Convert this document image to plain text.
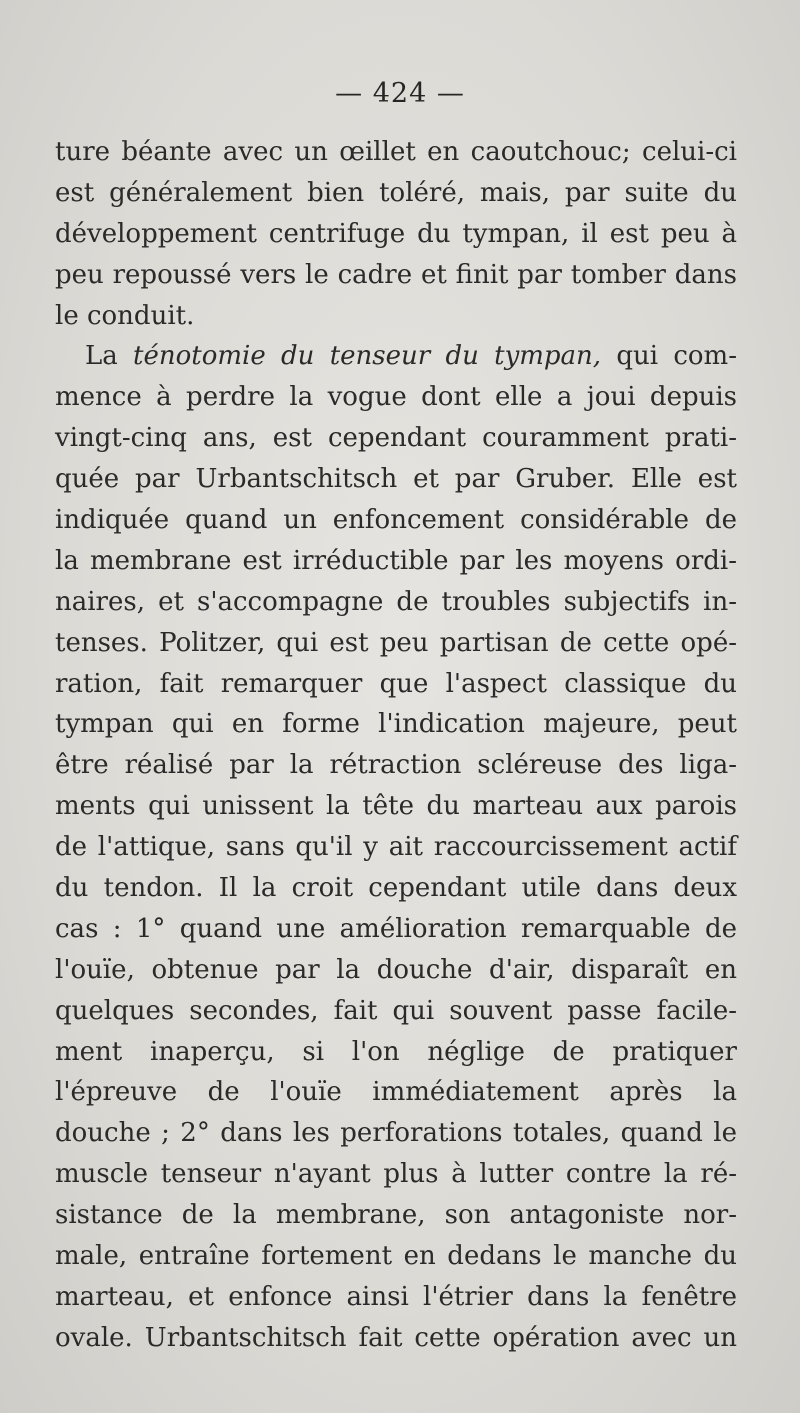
— 424 —
ture béante avec un œillet en caoutchouc; celui-ci
est généralement bien toléré, mais, par suite du
développement centrifuge du tympan, il est peu à
peu repoussé vers le cadre et finit par tomber dans
le conduit.
La ténotomie du tenseur du tympan, qui com-
mence à perdre la vogue dont elle a joui depuis
vingt-cinq ans, est cependant couramment prati-
quée par Urbantschitsch et par Gruber. Elle est
indiquée quand un enfoncement considérable de
la membrane est irréductible par les moyens ordi-
naires, et s'accompagne de troubles subjectifs in-
tenses. Politzer, qui est peu partisan de cette opé-
ration, fait remarquer que l'aspect classique du
tympan qui en forme l'indication majeure, peut
être réalisé par la rétraction scléreuse des liga-
ments qui unissent la tête du marteau aux parois
de l'attique, sans qu'il y ait raccourcissement actif
du tendon. Il la croit cependant utile dans deux
cas : 1° quand une amélioration remarquable de
l'ouïe, obtenue par la douche d'air, disparaît en
quelques secondes, fait qui souvent passe facile-
ment inaperçu, si l'on néglige de pratiquer
l'épreuve de l'ouïe immédiatement après la
douche ; 2° dans les perforations totales, quand le
muscle tenseur n'ayant plus à lutter contre la ré-
sistance de la membrane, son antagoniste nor-
male, entraîne fortement en dedans le manche du
marteau, et enfonce ainsi l'étrier dans la fenêtre
ovale. Urbantschitsch fait cette opération avec un
